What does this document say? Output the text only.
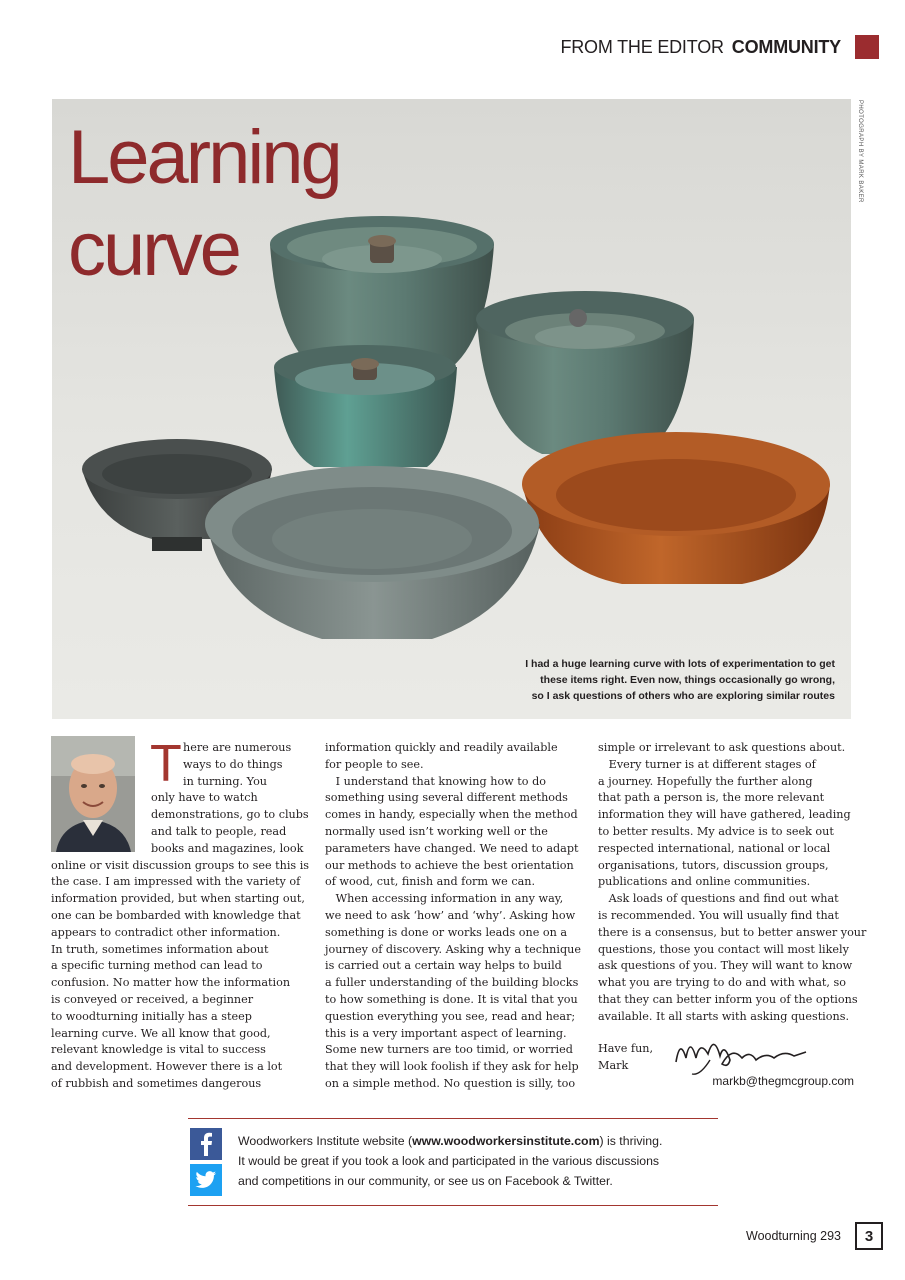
FROM THE EDITOR COMMUNITY
Learning
curve
PHOTOGRAPH BY MARK BAKER
I had a huge learning curve with lots of experimentation to get
these items right. Even now, things occasionally go wrong,
so I ask questions of others who are exploring similar routes
T here are numerous
ways to do things
in turning. You
only have to watch
demonstrations, go to clubs
and talk to people, read
books and magazines, look
online or visit discussion groups to see this is
the case. I am impressed with the variety of
information provided, but when starting out,
one can be bombarded with knowledge that
appears to contradict other information.
In truth, sometimes information about
a specific turning method can lead to
confusion. No matter how the information
is conveyed or received, a beginner
to woodturning initially has a steep
learning curve. We all know that good,
relevant knowledge is vital to success
and development. However there is a lot
of rubbish and sometimes dangerous
information quickly and readily available
for people to see.
I understand that knowing how to do
something using several different methods
comes in handy, especially when the method
normally used isn’t working well or the
parameters have changed. We need to adapt
our methods to achieve the best orientation
of wood, cut, finish and form we can.
When accessing information in any way,
we need to ask ‘how’ and ‘why’. Asking how
something is done or works leads one on a
journey of discovery. Asking why a technique
is carried out a certain way helps to build
a fuller understanding of the building blocks
to how something is done. It is vital that you
question everything you see, read and hear;
this is a very important aspect of learning.
Some new turners are too timid, or worried
that they will look foolish if they ask for help
on a simple method. No question is silly, too
simple or irrelevant to ask questions about.
Every turner is at different stages of
a journey. Hopefully the further along
that path a person is, the more relevant
information they will have gathered, leading
to better results. My advice is to seek out
respected international, national or local
organisations, tutors, discussion groups,
publications and online communities.
Ask loads of questions and find out what
is recommended. You will usually find that
there is a consensus, but to better answer your
questions, those you contact will most likely
ask questions of you. They will want to know
what you are trying to do and with what, so
that they can better inform you of the options
available. It all starts with asking questions.
Have fun,
Mark
markb@thegmcgroup.com
Woodworkers Institute website (www.woodworkersinstitute.com) is thriving.
It would be great if you took a look and participated in the various discussions
and competitions in our community, or see us on Facebook & Twitter.
Woodturning 293	3
